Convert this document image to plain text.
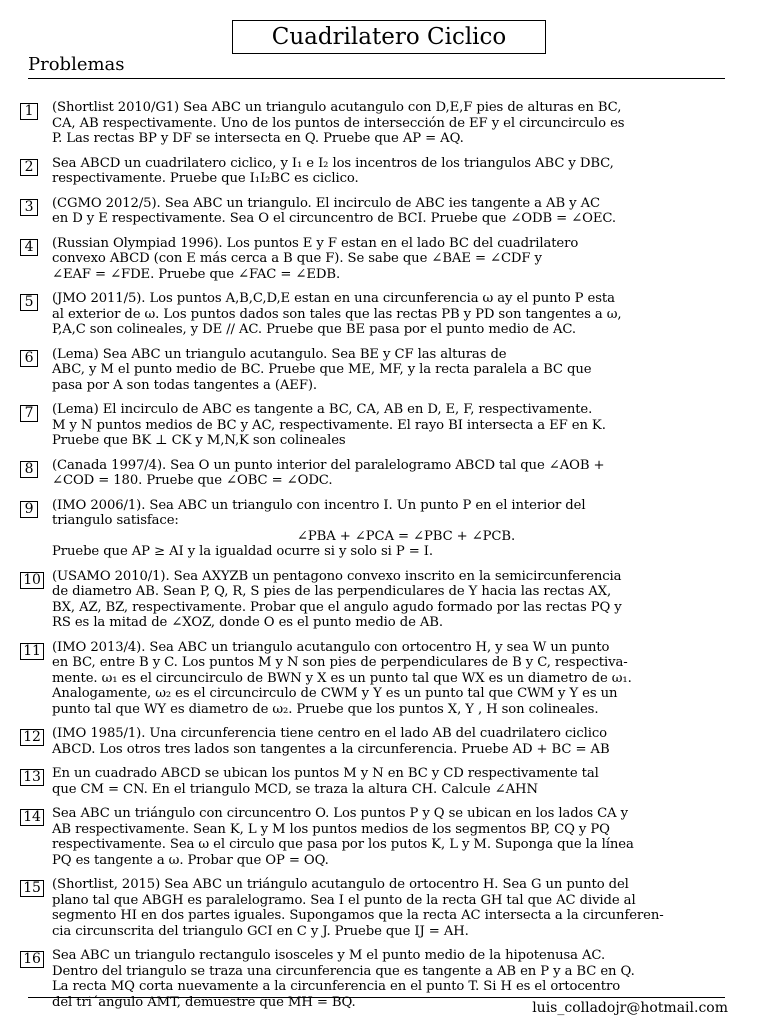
Cuadrilatero Ciclico
Problemas
1	(Shortlist 2010/G1) Sea ABC un triangulo acutangulo con D,E,F pies de alturas en BC,
CA, AB respectivamente. Uno de los puntos de intersección de EF y el circuncirculo es
P. Las rectas BP y DF se intersecta en Q. Pruebe que AP = AQ.
2	Sea ABCD un cuadrilatero ciclico, y I₁ e I₂ los incentros de los triangulos ABC y DBC,
respectivamente. Pruebe que I₁I₂BC es ciclico.
3	(CGMO 2012/5). Sea ABC un triangulo. El incirculo de ABC ies tangente a AB y AC
en D y E respectivamente. Sea O el circuncentro de BCI. Pruebe que ∠ODB = ∠OEC.
4	(Russian Olympiad 1996). Los puntos E y F estan en el lado BC del cuadrilatero
convexo ABCD (con E más cerca a B que F). Se sabe que ∠BAE = ∠CDF y
∠EAF = ∠FDE. Pruebe que ∠FAC = ∠EDB.
5	(JMO 2011/5). Los puntos A,B,C,D,E estan en una circunferencia ω ay el punto P esta
al exterior de ω. Los puntos dados son tales que las rectas PB y PD son tangentes a ω,
P,A,C son colineales, y DE // AC. Pruebe que BE pasa por el punto medio de AC.
6	(Lema) Sea ABC un triangulo acutangulo. Sea BE y CF las alturas de
ABC, y M el punto medio de BC. Pruebe que ME, MF, y la recta paralela a BC que
pasa por A son todas tangentes a (AEF).
7	(Lema) El incirculo de ABC es tangente a BC, CA, AB en D, E, F, respectivamente.
M y N puntos medios de BC y AC, respectivamente. El rayo BI intersecta a EF en K.
Pruebe que BK ⊥ CK y M,N,K son colineales
8	(Canada 1997/4). Sea O un punto interior del paralelogramo ABCD tal que ∠AOB +
∠COD = 180. Pruebe que ∠OBC = ∠ODC.
9	(IMO 2006/1). Sea ABC un triangulo con incentro I. Un punto P en el interior del
triangulo satisface:
∠PBA + ∠PCA = ∠PBC + ∠PCB.
Pruebe que AP ≥ AI y la igualdad ocurre si y solo si P = I.
10 (USAMO 2010/1). Sea AXYZB un pentagono convexo inscrito en la semicircunferencia
de diametro AB. Sean P, Q, R, S pies de las perpendiculares de Y hacia las rectas AX,
BX, AZ, BZ, respectivamente. Probar que el angulo agudo formado por las rectas PQ y
RS es la mitad de ∠XOZ, donde O es el punto medio de AB.
11 (IMO 2013/4). Sea ABC un triangulo acutangulo con ortocentro H, y sea W un punto
en BC, entre B y C. Los puntos M y N son pies de perpendiculares de B y C, respectiva-
mente. ω₁ es el circuncirculo de BWN y X es un punto tal que WX es un diametro de ω₁.
Analogamente, ω₂ es el circuncirculo de CWM y Y es un punto tal que CWM y Y es un
punto tal que WY es diametro de ω₂. Pruebe que los puntos X, Y , H son colineales.
12 (IMO 1985/1). Una circunferencia tiene centro en el lado AB del cuadrilatero ciclico
ABCD. Los otros tres lados son tangentes a la circunferencia. Pruebe AD + BC = AB
13 En un cuadrado ABCD se ubican los puntos M y N en BC y CD respectivamente tal
que CM = CN. En el triangulo MCD, se traza la altura CH. Calcule ∠AHN
14 Sea ABC un triángulo con circuncentro O. Los puntos P y Q se ubican en los lados CA y
AB respectivamente. Sean K, L y M los puntos medios de los segmentos BP, CQ y PQ
respectivamente. Sea ω el circulo que pasa por los putos K, L y M. Suponga que la línea
PQ es tangente a ω. Probar que OP = OQ.
15 (Shortlist, 2015) Sea ABC un triángulo acutangulo de ortocentro H. Sea G un punto del
plano tal que ABGH es paralelogramo. Sea I el punto de la recta GH tal que AC divide al
segmento HI en dos partes iguales. Supongamos que la recta AC intersecta a la circunferen-
cia circunscrita del triangulo GCI en C y J. Pruebe que IJ = AH.
16 Sea ABC un triangulo rectangulo isosceles y M el punto medio de la hipotenusa AC.
Dentro del triangulo se traza una circunferencia que es tangente a AB en P y a BC en Q.
La recta MQ corta nuevamente a la circunferencia en el punto T. Si H es el ortocentro
del tri´angulo AMT, demuestre que MH = BQ.	luis_colladojr@hotmail.com
